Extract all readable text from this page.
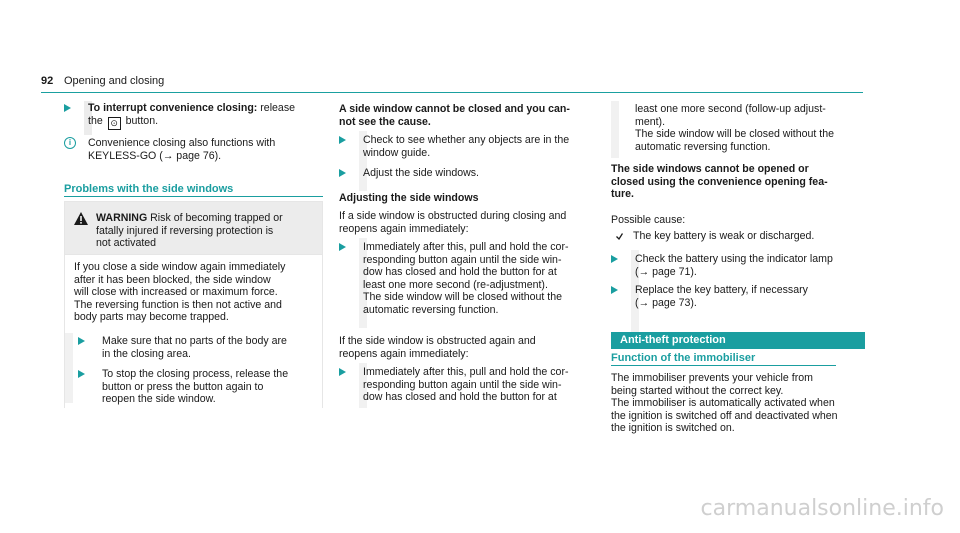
92 Opening and closing

To interrupt convenience closing: release

the ⊙ button.

i	Convenience closing also functions with

KEYLESS-GO (→ page 76).

Problems with the side windows

WARNING Risk of becoming trapped or

fatally injured if reversing protection is

not activated

If you close a side window again immediately

after it has been blocked, the side window

will close with increased or maximum force.

The reversing function is then not active and

body parts may become trapped.

Make sure that no parts of the body are

in the closing area.

To stop the closing process, release the

button or press the button again to

reopen the side window.

A side window cannot be closed and you can-

not see the cause.

Check to see whether any objects are in the

window guide.

Adjust the side windows.

Adjusting the side windows

If a side window is obstructed during closing and

reopens again immediately:

Immediately after this, pull and hold the cor-

responding button again until the side win-

dow has closed and hold the button for at

least one more second (re-adjustment).

The side window will be closed without the

automatic reversing function.

If the side window is obstructed again and

reopens again immediately:

Immediately after this, pull and hold the cor-

responding button again until the side win-

dow has closed and hold the button for at

least one more second (follow-up adjust-

ment).

The side window will be closed without the

automatic reversing function.

The side windows cannot be opened or

closed using the convenience opening fea-

ture.

Possible cause:
The key battery is weak or discharged.

Check the battery using the indicator lamp

(→ page 71).

Replace the key battery, if necessary

(→ page 73).

Anti-theft protection
Function of the immobiliser

The immobiliser prevents your vehicle from

being started without the correct key.

The immobiliser is automatically activated when

the ignition is switched off and deactivated when

the ignition is switched on.

carmanualsonline.info
